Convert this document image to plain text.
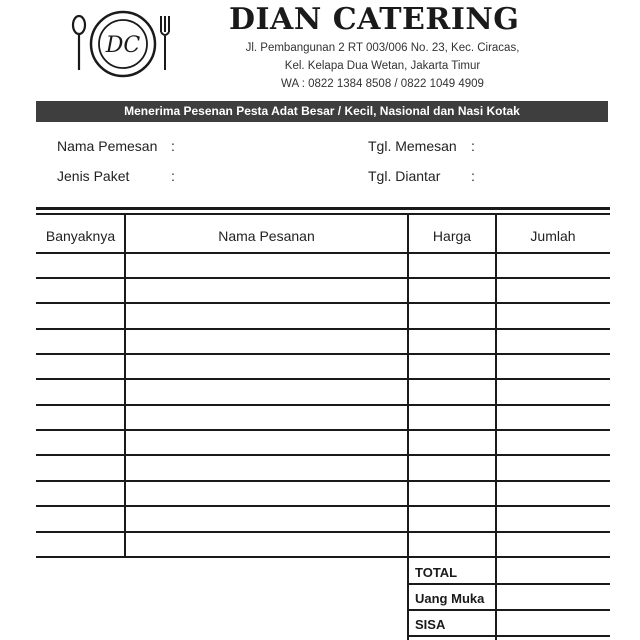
DC
DIAN CATERING
Jl. Pembangunan 2 RT 003/006 No. 23, Kec. Ciracas,
Kel. Kelapa Dua Wetan, Jakarta Timur
WA : 0822 1384 8508 / 0822 1049 4909
Menerima Pesenan Pesta Adat Besar / Kecil, Nasional dan Nasi Kotak
Nama Pemesan :
Jenis Paket	:
Tgl. Memesan :
Tgl. Diantar :
Banyaknya	Nama Pesanan	Harga	Jumlah
TOTAL
Uang Muka
SISA
